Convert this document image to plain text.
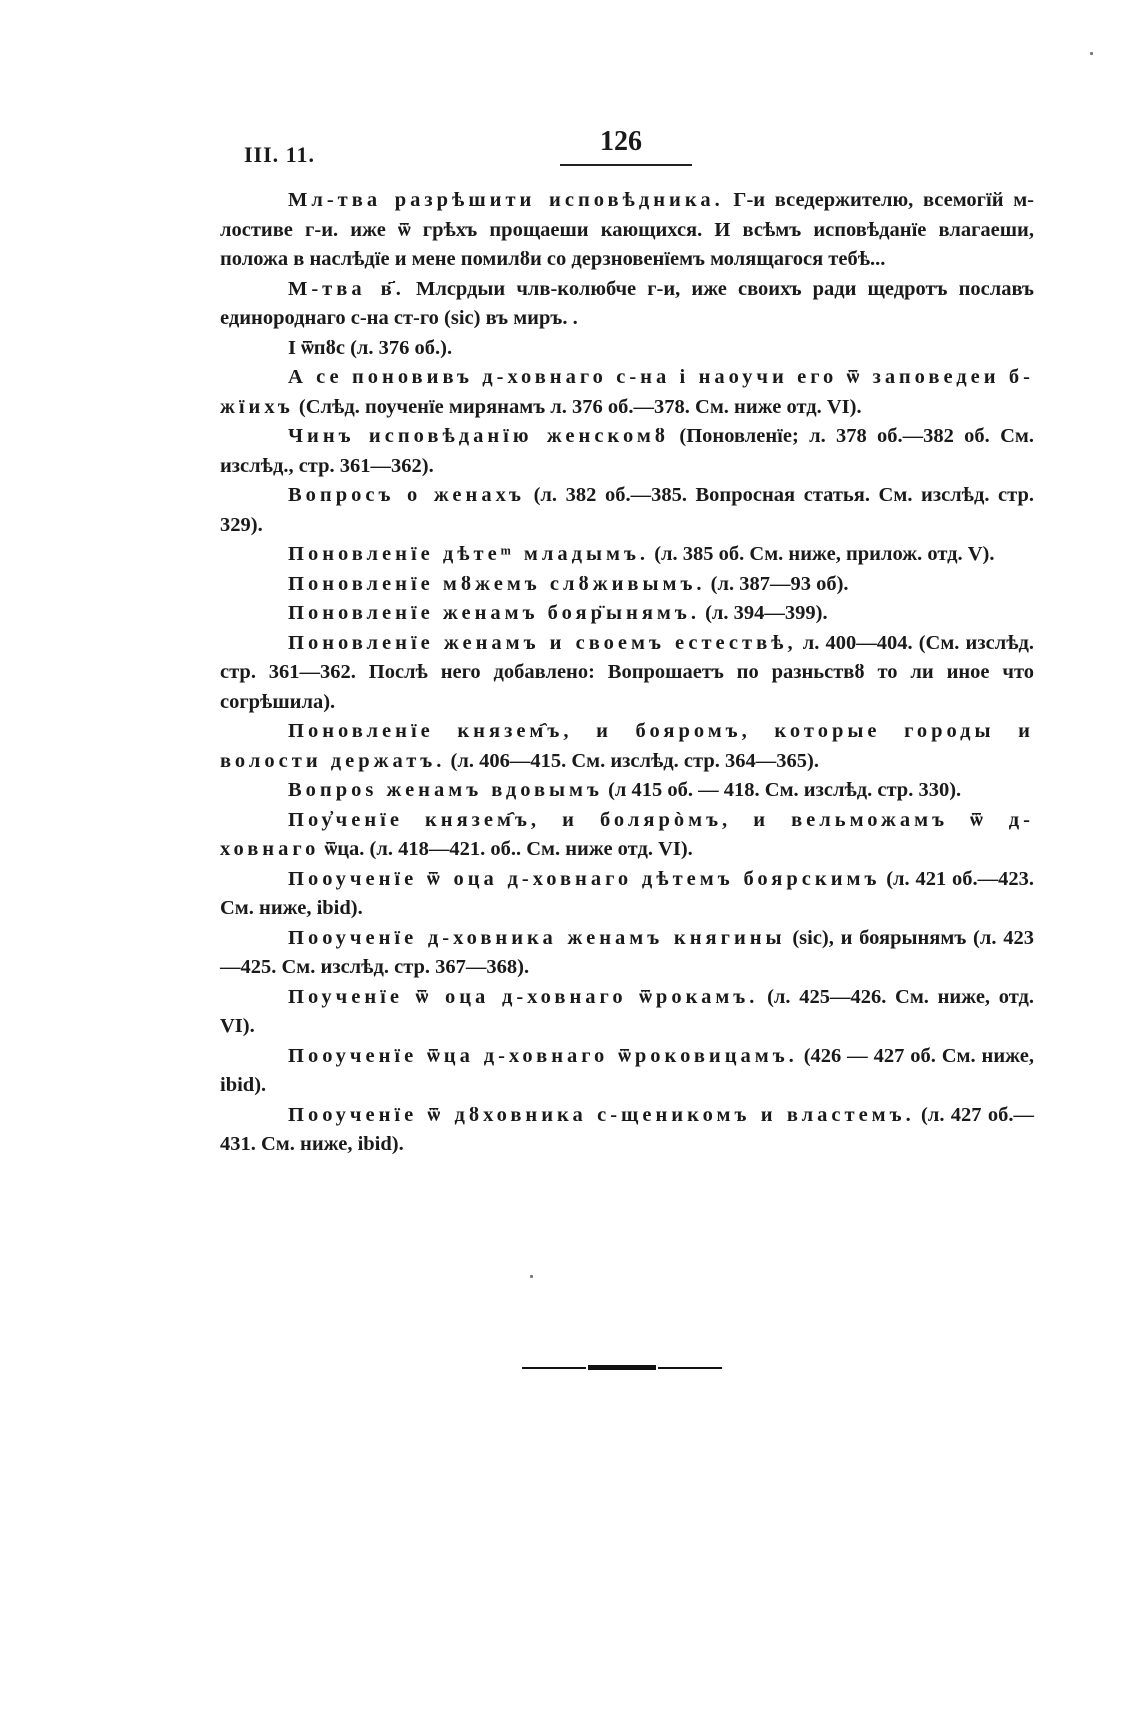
III. 11.	126

Мл-тва разрѣшити исповѣдника. Г-и вседержителю, всемогїй м-лостиве г-и. иже ѿ грѣхъ прощаеши кающихся. И всѣмъ исповѣданїе влагаеши, положа в наслѣдїе и мене помилȣи со дерзновенїемъ молящагося тебѣ...

М-тва в҃. Млсрдыи члв-колюбче г-и, иже своихъ ради щедротъ пославъ единороднаго с-на ст-го (sic) въ миръ. .

I ѿпȣс (л. 376 об.).

А се поновивъ д-ховнаго с-на і наоучи его ѿ заповедеи б-жїихъ (Слѣд. поученїе мирянамъ л. 376 об.—378. См. ниже отд. VI).

Чинъ исповѣданїю женскомȣ (Поновленїе; л. 378 об.—382 об. См. изслѣд., стр. 361—362).

Вопросъ о женахъ (л. 382 об.—385. Вопросная статья. См. изслѣд. стр. 329).

Поновленїе дѣтеᵐ младымъ. (л. 385 об. См. ниже, прилож. отд. V).

Поновленїе мȣжемъ слȣживымъ. (л. 387—93 об).

Поновленїе женамъ бояр̈ынямъ. (л. 394—399).

Поновленїе женамъ и своемъ естествѣ, л. 400—404. (См. изслѣд. стр. 361—362. Послѣ него добавлено: Вопрошаетъ по разньствȣ то ли иное что согрѣшила).

Поновленїе князем҄ъ, и бояромъ, которые городы и волости держатъ. (л. 406—415. См. изслѣд. стр. 364—365).

Вопроѕ женамъ вдовымъ (л 415 об. — 418. См. изслѣд. стр. 330).

Поу҆ченїе князем҄ъ, и болярòмъ, и вельможамъ ѿ д-ховнаго ѿца. (л. 418—421. об.. См. ниже отд. VI).

Пооученїе ѿ оца д-ховнаго дѣтемъ боярскимъ (л. 421 об.—423. См. ниже, ibid).

Пооученїе д-ховника женамъ княгины (sic), и боярынямъ (л. 423—425. См. изслѣд. стр. 367—368).

Поученїе ѿ оца д-ховнаго ѿрокамъ. (л. 425—426. См. ниже, отд. VI).

Пооученїе ѿца д-ховнаго ѿроковицамъ. (426 — 427 об. См. ниже, ibid).

Пооученїе ѿ дȣховника с-щеникомъ и властемъ. (л. 427 об.—431. См. ниже, ibid).
